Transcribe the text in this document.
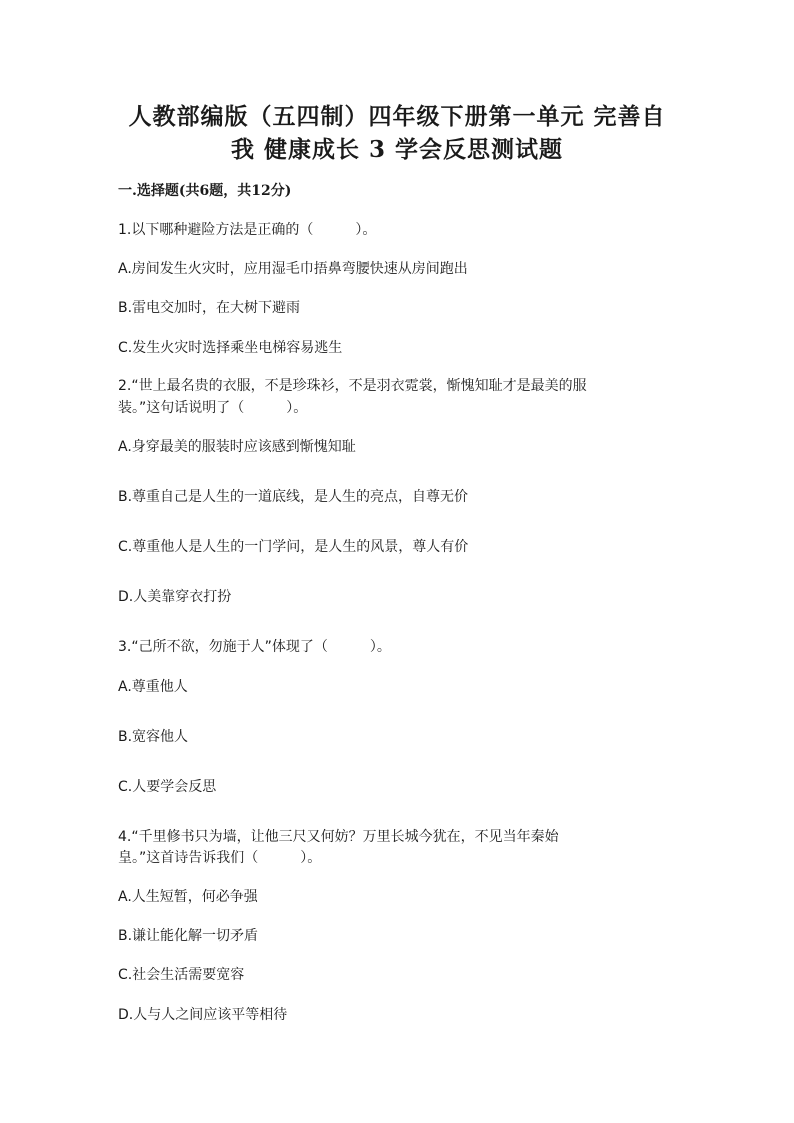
人教部编版（五四制）四年级下册第一单元 完善自
我 健康成长 3 学会反思测试题
一.选择题(共6题，共12分)
1.以下哪种避险方法是正确的（　　　）。
A.房间发生火灾时，应用湿毛巾捂鼻弯腰快速从房间跑出
B.雷电交加时，在大树下避雨
C.发生火灾时选择乘坐电梯容易逃生
2.“世上最名贵的衣服，不是珍珠衫，不是羽衣霓裳，惭愧知耻才是最美的服
装。”这句话说明了（　　　）。
A.身穿最美的服装时应该感到惭愧知耻
B.尊重自己是人生的一道底线，是人生的亮点，自尊无价
C.尊重他人是人生的一门学问，是人生的风景，尊人有价
D.人美靠穿衣打扮
3.“己所不欲，勿施于人”体现了（　　　）。
A.尊重他人
B.宽容他人
C.人要学会反思
4.“千里修书只为墙，让他三尺又何妨？万里长城今犹在，不见当年秦始
皇。”这首诗告诉我们（　　　）。
A.人生短暂，何必争强
B.谦让能化解一切矛盾
C.社会生活需要宽容
D.人与人之间应该平等相待
